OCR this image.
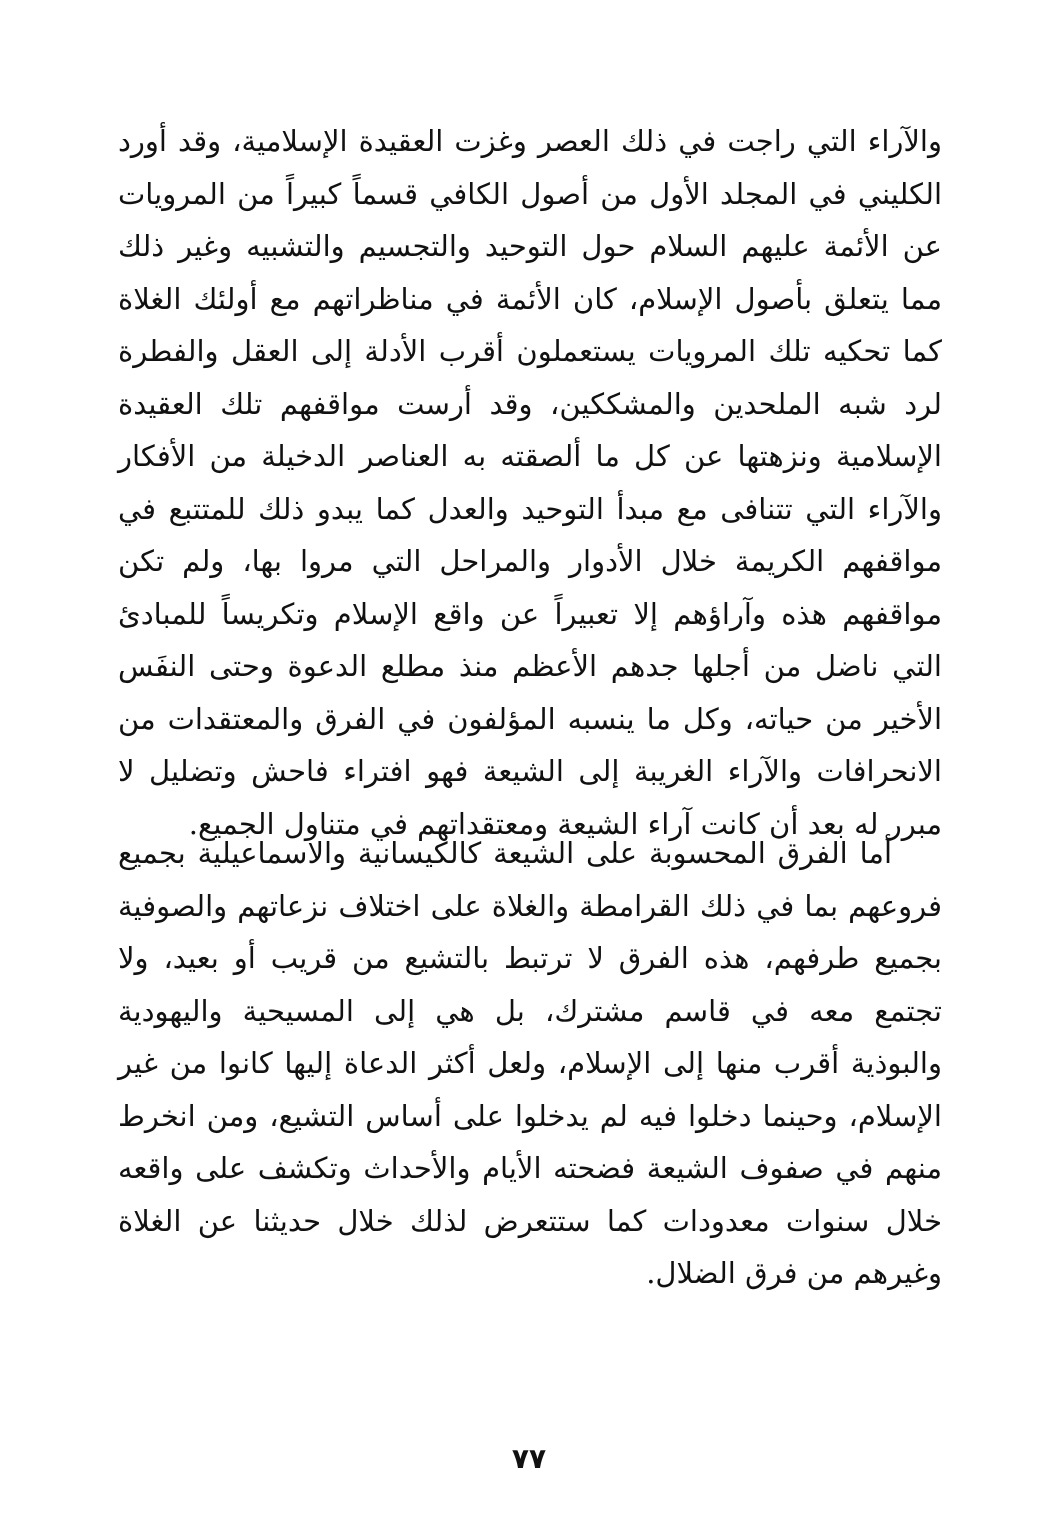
والآراء التي راجت في ذلك العصر وغزت العقيدة الإسلامية، وقد أورد الكليني في المجلد الأول من أصول الكافي قسماً كبيراً من المرويات عن الأئمة عليهم السلام حول التوحيد والتجسيم والتشبيه وغير ذلك مما يتعلق بأصول الإسلام، كان الأئمة في مناظراتهم مع أولئك الغلاة كما تحكيه تلك المرويات يستعملون أقرب الأدلة إلى العقل والفطرة لرد شبه الملحدين والمشككين، وقد أرست مواقفهم تلك العقيدة الإسلامية ونزهتها عن كل ما ألصقته به العناصر الدخيلة من الأفكار والآراء التي تتنافى مع مبدأ التوحيد والعدل كما يبدو ذلك للمتتبع في مواقفهم الكريمة خلال الأدوار والمراحل التي مروا بها، ولم تكن مواقفهم هذه وآراؤهم إلا تعبيراً عن واقع الإسلام وتكريساً للمبادئ التي ناضل من أجلها جدهم الأعظم منذ مطلع الدعوة وحتى النفَس الأخير من حياته، وكل ما ينسبه المؤلفون في الفرق والمعتقدات من الانحرافات والآراء الغريبة إلى الشيعة فهو افتراء فاحش وتضليل لا مبرر له بعد أن كانت آراء الشيعة ومعتقداتهم في متناول الجميع.

أما الفرق المحسوبة على الشيعة كالكيسانية والاسماعيلية بجميع فروعهم بما في ذلك القرامطة والغلاة على اختلاف نزعاتهم والصوفية بجميع طرفهم، هذه الفرق لا ترتبط بالتشيع من قريب أو بعيد، ولا تجتمع معه في قاسم مشترك، بل هي إلى المسيحية واليهودية والبوذية أقرب منها إلى الإسلام، ولعل أكثر الدعاة إليها كانوا من غير الإسلام، وحينما دخلوا فيه لم يدخلوا على أساس التشيع، ومن انخرط منهم في صفوف الشيعة فضحته الأيام والأحداث وتكشف على واقعه خلال سنوات معدودات كما ستتعرض لذلك خلال حديثنا عن الغلاة وغيرهم من فرق الضلال.

٧٧
